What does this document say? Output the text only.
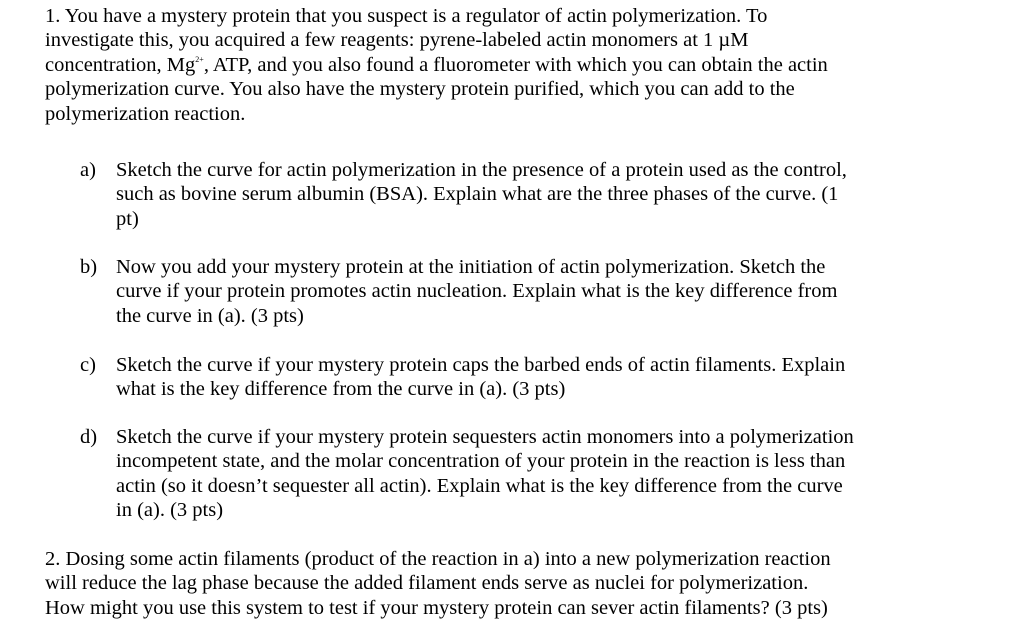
1. You have a mystery protein that you suspect is a regulator of actin polymerization. To
investigate this, you acquired a few reagents: pyrene-labeled actin monomers at 1 µM
concentration, $Mg^{2+}$, ATP, and you also found a fluorometer with which you can obtain the actin
polymerization curve. You also have the mystery protein purified, which you can add to the
polymerization reaction.
a) Sketch the curve for actin polymerization in the presence of a protein used as the control,
such as bovine serum albumin (BSA). Explain what are the three phases of the curve. (1
pt)
b) Now you add your mystery protein at the initiation of actin polymerization. Sketch the
curve if your protein promotes actin nucleation. Explain what is the key difference from
the curve in (a). (3 pts)
c) Sketch the curve if your mystery protein caps the barbed ends of actin filaments. Explain
what is the key difference from the curve in (a). (3 pts)
d) Sketch the curve if your mystery protein sequesters actin monomers into a polymerization
incompetent state, and the molar concentration of your protein in the reaction is less than
actin (so it doesn’t sequester all actin). Explain what is the key difference from the curve
in (a). (3 pts)
2. Dosing some actin filaments (product of the reaction in a) into a new polymerization reaction
will reduce the lag phase because the added filament ends serve as nuclei for polymerization.
How might you use this system to test if your mystery protein can sever actin filaments? (3 pts)
